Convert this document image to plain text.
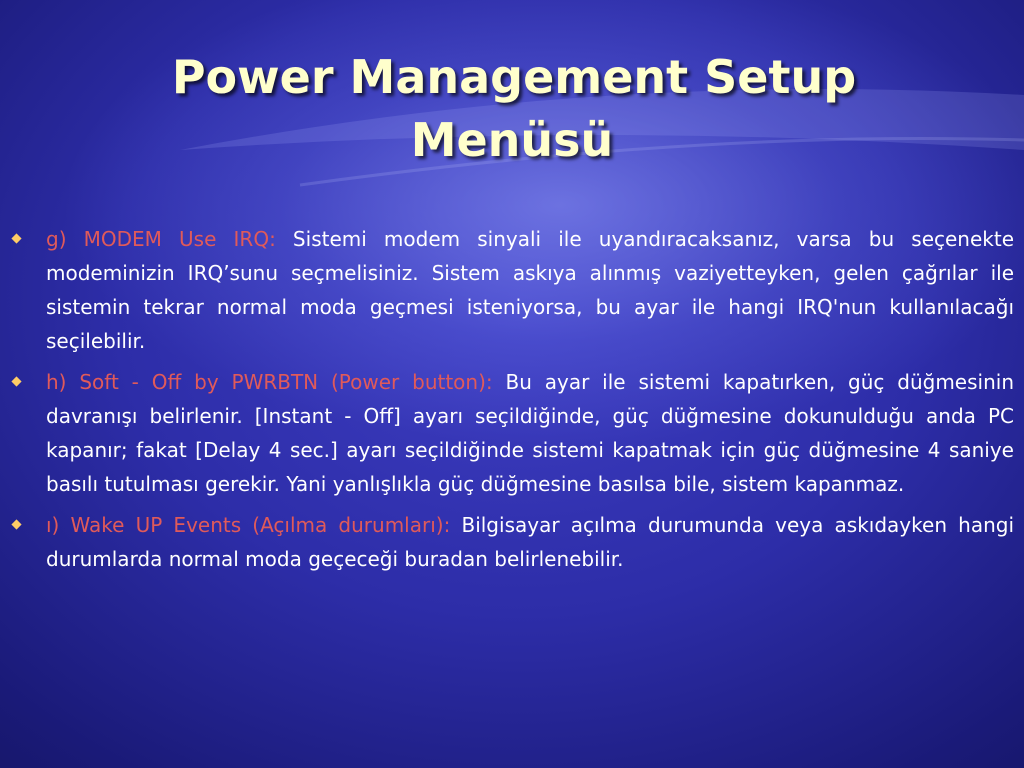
Power Management Setup
Menüsü
g) MODEM Use IRQ: Sistemi modem sinyali ile uyandıracaksanız, varsa bu seçenekte modeminizin IRQ’sunu seçmelisiniz. Sistem askıya alınmış vaziyetteyken, gelen çağrılar ile sistemin tekrar normal moda geçmesi isteniyorsa, bu ayar ile hangi IRQ'nun kullanılacağı seçilebilir.
h) Soft - Off by PWRBTN (Power button): Bu ayar ile sistemi kapatırken, güç düğmesinin davranışı belirlenir. [Instant - Off] ayarı seçildiğinde, güç düğmesine dokunulduğu anda PC kapanır; fakat [Delay 4 sec.] ayarı seçildiğinde sistemi kapatmak için güç düğmesine 4 saniye basılı tutulması gerekir. Yani yanlışlıkla güç düğmesine basılsa bile, sistem kapanmaz.
ı) Wake UP Events (Açılma durumları): Bilgisayar açılma durumunda veya askıdayken hangi durumlarda normal moda geçeceği buradan belirlenebilir.
